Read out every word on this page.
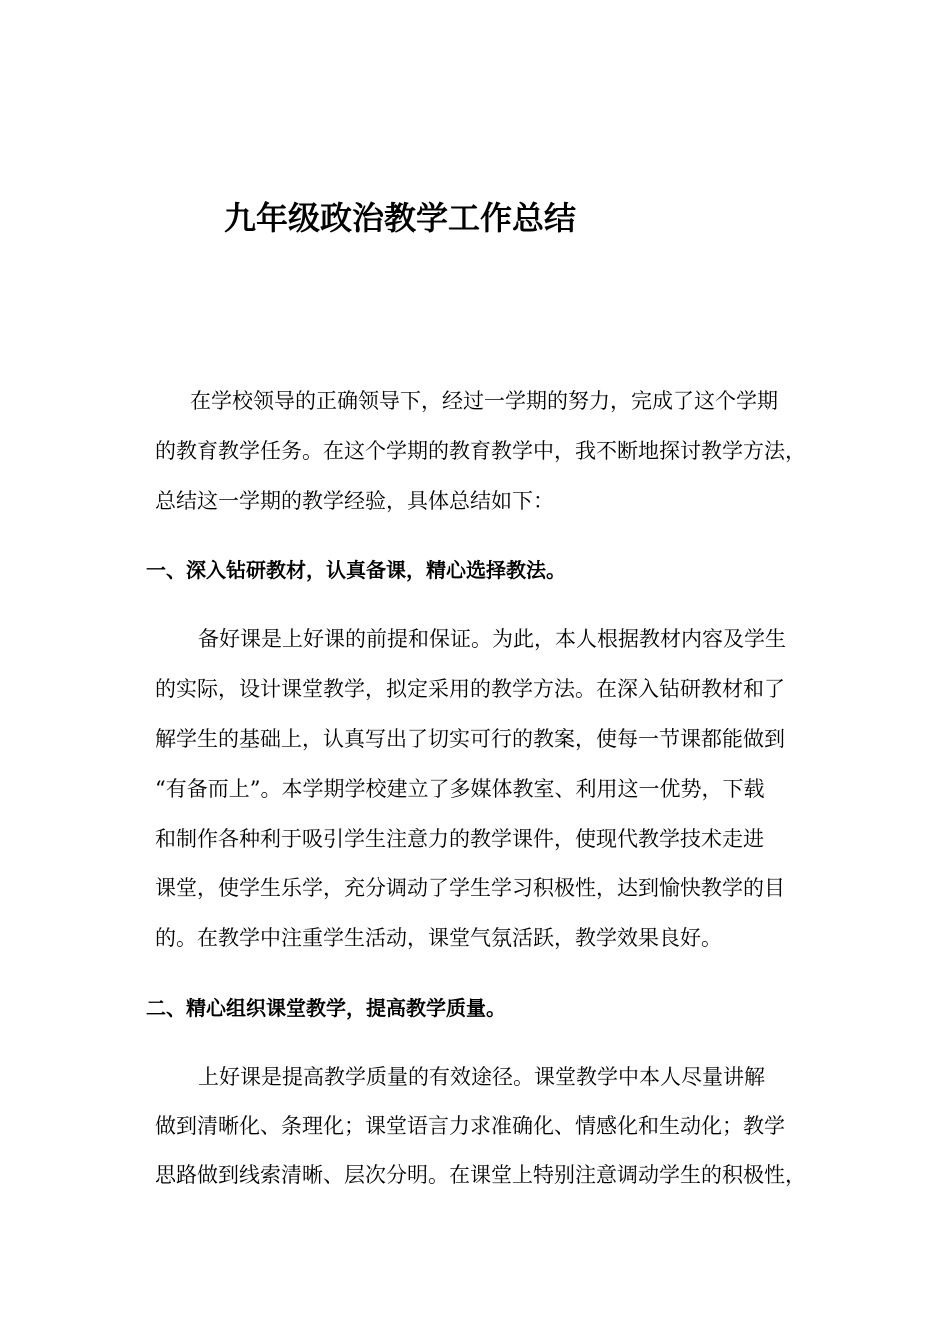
九年级政治教学工作总结
在学校领导的正确领导下，经过一学期的努力，完成了这个学期
的教育教学任务。在这个学期的教育教学中，我不断地探讨教学方法，
总结这一学期的教学经验，具体总结如下：
一、深入钻研教材，认真备课，精心选择教法。
备好课是上好课的前提和保证。为此，本人根据教材内容及学生
的实际，设计课堂教学，拟定采用的教学方法。在深入钻研教材和了
解学生的基础上，认真写出了切实可行的教案，使每一节课都能做到
“有备而上”。本学期学校建立了多媒体教室、利用这一优势，下载
和制作各种利于吸引学生注意力的教学课件，使现代教学技术走进
课堂，使学生乐学，充分调动了学生学习积极性，达到愉快教学的目
的。在教学中注重学生活动，课堂气氛活跃，教学效果良好。
二、精心组织课堂教学，提高教学质量。
上好课是提高教学质量的有效途径。课堂教学中本人尽量讲解
做到清晰化、条理化；课堂语言力求准确化、情感化和生动化；教学
思路做到线索清晰、层次分明。在课堂上特别注意调动学生的积极性，
